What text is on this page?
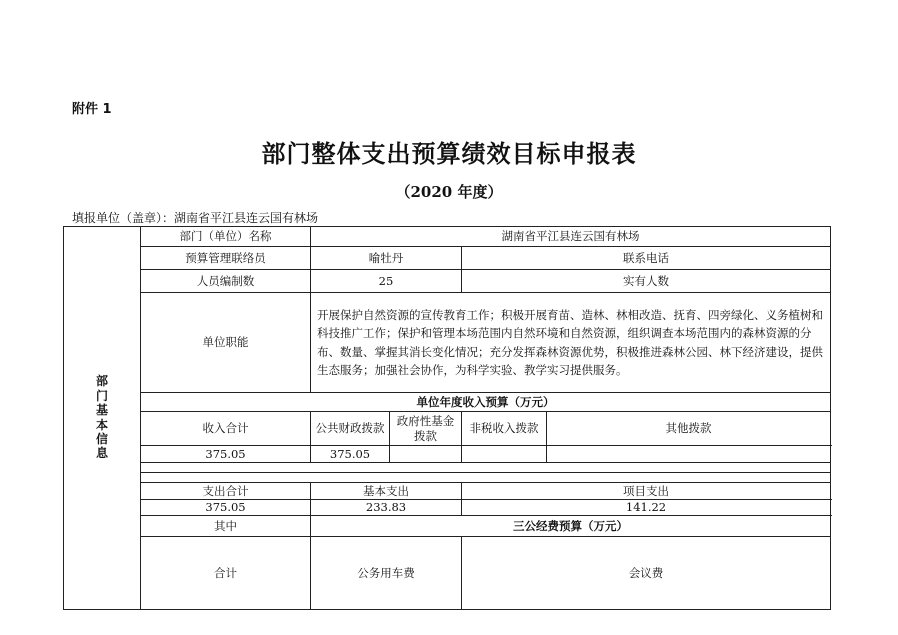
附件 1
部门整体支出预算绩效目标申报表
（2020 年度）
填报单位（盖章）：湖南省平江县连云国有林场
部门基本信息	部门（单位）名称	湖南省平江县连云国有林场				
	预算管理联络员	喻牡丹		联系电话	
	人员编制数	25		实有人数	
	单位职能	开展保护自然资源的宣传教育工作；积极开展育苗、造林、林相改造、抚育、四旁绿化、义务植树和科技推广工作；保护和管理本场范围内自然环境和自然资源，组织调查本场范围内的森林资源的分布、数量、掌握其消长变化情况；充分发挥森林资源优势，积极推进森林公园、林下经济建设，提供生态服务；加强社会协作，为科学实验、教学实习提供服务。				
	单位年度收入预算（万元）					
	收入合计	公共财政拨款	政府性基金拨款	非税收入拨款	其他拨款	
	375.05	375.05				

	支出合计	基本支出		项目支出		
	375.05	233.83		141.22		
	其中	三公经费预算（万元）				
	合计	公务用车费		会议费	
